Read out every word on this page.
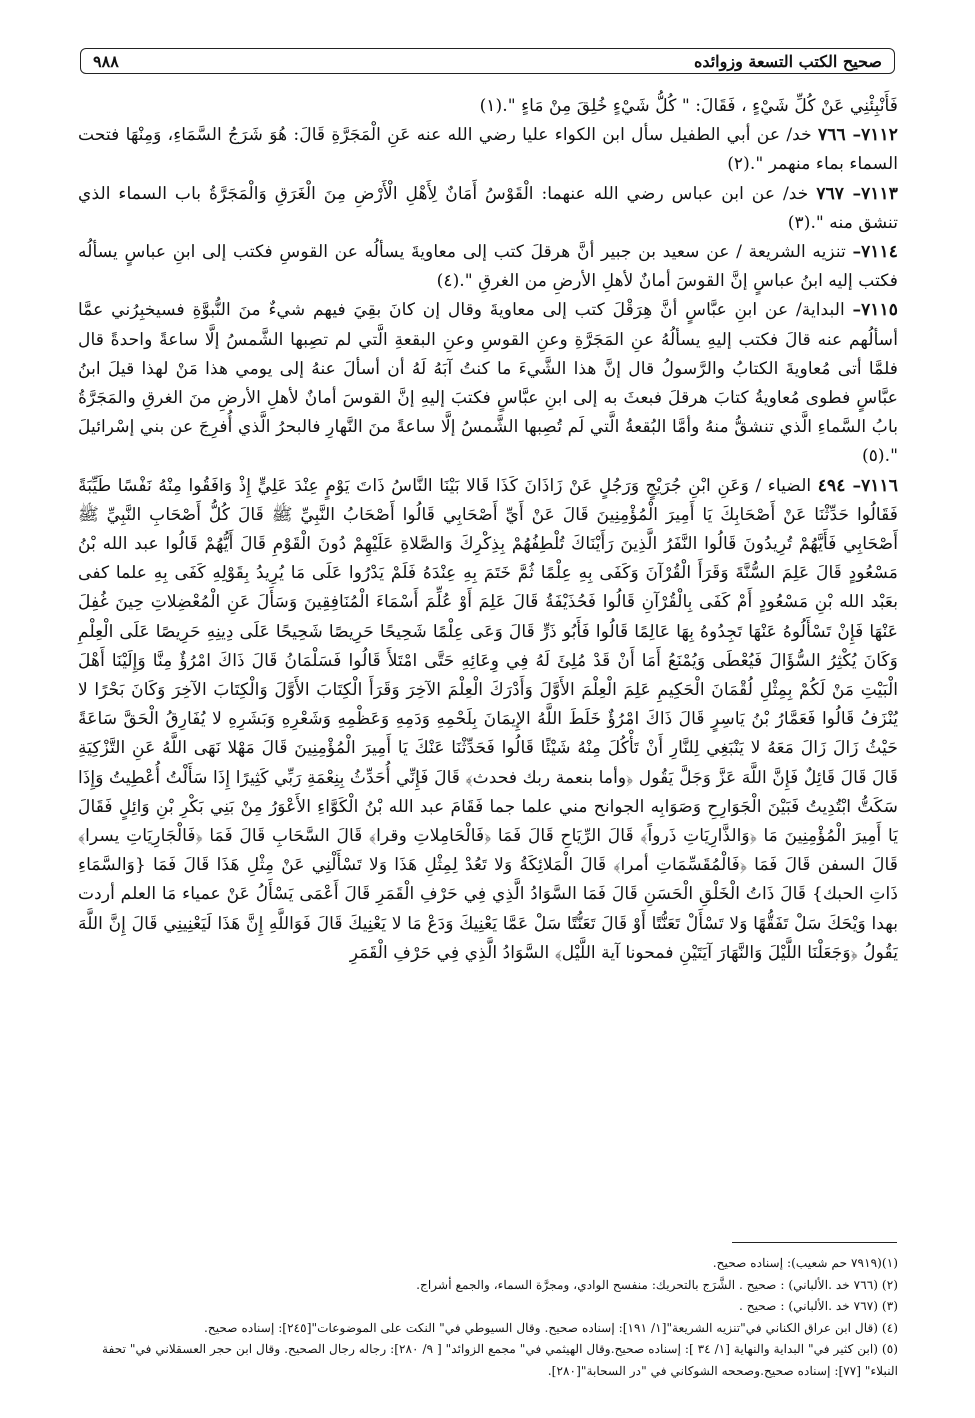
صحيح الكتب التسعة وزوائده
٩٨٨

فَأَنْبِئْنِي عَنْ كُلِّ شَيْءٍ ، فَقَالَ: " كُلُّ شَيْءٍ خُلِقَ مِنْ مَاءٍ ".(١)

٧١١٢– ٧٦٦ خد/ عن أبي الطفيل سأل ابن الكواء عليا رضي الله عنه عَنِ الْمَجَرَّةِ قَالَ: هُوَ شَرَجُ السَّمَاءِ، وَمِنْهَا فتحت السماء بماء منهمر ".(٢)

٧١١٣– ٧٦٧ خد/ عن ابن عباس رضي الله عنهما: الْقَوْسُ أَمَانٌ لِأَهْلِ الْأَرْضِ مِنَ الْغَرَقِ وَالْمَجَرَّةُ باب السماء الذي تنشق منه ".(٣)

٧١١٤– تنزيه الشريعة / عن سعيد بن جبير أنَّ هرقلَ كتب إلى معاويةَ يسألُه عن القوسِ فكتب إلى ابنِ عباسٍ يسألُه فكتب إليه ابنُ عباسٍ إنَّ القوسَ أمانٌ لأهلِ الأرضِ من الغرقِ ".(٤)

٧١١٥– البداية/ عن ابنِ عبَّاسٍ أنَّ هِرَقْلَ كتب إلى معاويةَ وقال إن كانَ بقِيَ فيهم شيءٌ منَ النُّبوَّةِ فسيخبِرُني عمَّا أسألُهم عنه قالَ فكتب إليهِ يسألُهُ عنِ المَجَرَّةِ وعنِ القوسِ وعنِ البقعةِ الَّتي لم تصِبها الشَّمسُ إلَّا ساعةً واحدةً قال فلمَّا أتى مُعاويةَ الكتابُ والرَّسولُ قال إنَّ هذا الشَّيءَ ما كنتُ آبَهُ لَهُ أن أسألَ عنهُ إلى يومي هذا مَنْ لهذا قيلَ ابنُ عبَّاسٍ فطوى مُعاويةُ كتابَ هرقلَ فبعثَ به إلى ابنِ عبَّاسٍ فكتبَ إليهِ إنَّ القوسَ أمانٌ لأهلِ الأرضِ منَ الغرقِ والمَجَرَّةُ بابُ السَّماءِ الَّذي تنشقُّ منهُ وأمَّا البُقعةُ الَّتي لَم تُصِبها الشَّمسُ إلَّا ساعةً منَ النَّهارِ فالبحرُ الَّذي أُفرِجَ عن بني إسْرائيلَ ".(٥)

٧١١٦– ٤٩٤ الضياء / وَعَنِ ابْنِ جُرَيْجٍ وَرَجُلٍ عَنْ زَاذَانَ كَذَا قَالا بَيْنَا النَّاسُ ذَاتَ يَوْمٍ عِنْدَ عَلِيٍّ إِذْ وَافَقُوا مِنْهُ نَفْسًا طَيِّبَةً فَقَالُوا حَدِّثْنَا عَنْ أَصْحَابِكَ يَا أَمِيرَ الْمُؤْمِنِينَ قَالَ عَنْ أَيِّ أَصْحَابِي قَالُوا أَصْحَابُ النَّبِيِّ ﷺ قَالَ كُلُّ أَصْحَابِ النَّبِيِّ ﷺ أَصْحَابِي فَأَيَّهُمْ تُرِيدُونَ قَالُوا النَّفَرُ الَّذِينَ رَأَيْنَاكَ تُلْطِفُهُمْ بِذِكْرِكَ وَالصَّلاةِ عَلَيْهِمْ دُونَ الْقَوْمِ قَالَ أَيُّهُمْ قَالُوا عبد الله بْنُ مَسْعُودٍ قَالَ عَلِمَ السُّنَّةَ وَقَرَأَ الْقُرْآنَ وَكَفَى بِهِ عِلْمًا ثُمَّ خَتَمَ بِهِ عِنْدَهُ فَلَمْ يَدْرُوا عَلَى مَا يُرِيدُ بِقَوْلِهِ كَفَى بِهِ علما كفى بعَبْد الله بْنِ مَسْعُودٍ أَمْ كَفَى بِالْقُرْآنِ قَالُوا فَحُذَيْفَةُ قَالَ عَلِمَ أَوْ عُلِّمَ أَسْمَاءَ الْمُنَافِقِينَ وَسَأَلَ عَنِ الْمُعْضِلاتِ حِينَ غُفِلَ عَنْهَا فَإِنْ تَسْأَلُوهُ عَنْهَا تَجِدُوهُ بِهَا عَالِمًا قَالُوا فَأَبُو ذَرٍّ قَالَ وَعَى عِلْمًا شَحِيحًا حَرِيصًا شَحِيحًا عَلَى دِينِهِ حَرِيصًا عَلَى الْعِلْمِ وَكَانَ يُكْثِرُ السُّؤَالَ فَيُعْطَى وَيُمْنَعُ أَمَا أَنْ قَدْ مُلِئَ لَهُ فِي وِعَائِهِ حَتَّى امْتَلأَ قَالُوا فَسَلْمَانُ قَالَ ذَاكَ امْرُؤٌ مِنَّا وَإِلَيْنَا أَهْلَ الْبَيْتِ مَنْ لَكُمْ بِمِثْلِ لُقْمَانَ الْحَكِيمِ عَلِمَ الْعِلْمَ الأَوَّلَ وَأَدْرَكَ الْعِلْمَ الآخِرَ وَقَرَأَ الْكِتَابَ الأَوَّلَ وَالْكِتَابَ الآخِرَ وَكَانَ بَحْرًا لا يُنْزَفُ قَالُوا فَعَمَّارُ بْنُ يَاسِرٍ قَالَ ذَاكَ امْرُؤٌ خَلَطَ اللَّهُ الإِيمَانَ بِلَحْمِهِ وَدَمِهِ وَعَظْمِهِ وَشَعْرِهِ وَبَشَرِهِ لا يُفَارِقُ الْحَقَّ سَاعَةً حَيْثُ زَالَ زَالَ مَعَهُ لا يَنْبَغِي لِلنَّارِ أَنْ تَأْكُلَ مِنْهُ شَيْئًا قَالُوا فَحَدِّثْنَا عَنْكَ يَا أَمِيرَ الْمُؤْمِنِينَ قَالَ مَهْلا نَهَى اللَّهُ عَنِ التَّزْكِيَةِ قَالَ قَالَ قَائِلٌ فَإِنَّ اللَّهَ عَزَّ وَجَلَّ يَقُول ﴿وأما بنعمة ربك فحدث﴾ قَالَ فَإِنِّي أُحَدِّثُ بِنِعْمَةِ رَبِّي كَثِيرًا إِذَا سَأَلْتُ أُعْطِيتُ وَإِذَا سَكَتُّ ابْتُدِيتُ فَبَيْنَ الْجَوَارِحِ وَصَوَابِه الجوانح مني علما جما فَقَامَ عبد الله بْنُ الْكَوَّاءِ الأَعْوَرُ مِنْ بَنِي بَكْرِ بْنِ وَائِلٍ فَقَالَ يَا أَمِيرَ الْمُؤْمِنِينَ مَا ﴿وَالذَّارِيَاتِ ذَرواً﴾ قَالَ الرِّيَاحِ قَالَ فَمَا ﴿فَالْحَامِلاتِ وقرا﴾ قَالَ السَّحَابِ قَالَ فَمَا ﴿فَالْجَارِيَاتِ يسرا﴾ قَالَ السفن قَالَ فَمَا ﴿فَالْمُقَسِّمَاتِ أمرا﴾ قَالَ الْمَلائِكَةُ وَلا تَعُدْ لِمِثْلِ هَذَا وَلا تَسْأَلْنِي عَنْ مِثْلِ هَذَا قَالَ فَمَا {وَالسَّمَاءِ ذَاتِ الحبك} قَالَ ذَاتُ الْخَلْقِ الْحَسَنِ قَالَ فَمَا السَّوَادُ الَّذِي فِي حَرْفِ الْقَمَرِ قَالَ أَعْمَى يَسْأَلُ عَنْ عمياء مَا العلم أردت بهدا وَيْحَكَ سَلْ تَفَقُّهًا وَلا تَسْأَلْ تَعَنُّتًا أَوْ قَالَ تَعَنُّتًا سَلْ عَمَّا يَعْنِيكَ وَدَعْ مَا لا يَعْنِيكَ قَالَ فَوَاللَّهِ إِنَّ هَذَا لَيَعْنِينِي قَالَ إِنَّ اللَّهَ يَقُولُ ﴿وَجَعَلْنَا اللَّيْلَ وَالنَّهَارَ آيَتَيْنِ فمحونا آية اللَّيْل﴾ السَّوَادُ الَّذِي فِي حَرْفِ الْقَمَرِ

(١)(٧٩١٩ حم شعيب): إسناده صحيح.

(٢) (٧٦٦ خد .الألباني) : صحيح . الشَّرَج بالتحريك: منفسح الوادي، ومجرَّة السماء، والجمع أشراج.

(٣) (٧٦٧ خد .الألباني) : صحيح .

(٤) (قال ابن عراق الكناني في"تنزيه الشريعة"[١/ ١٩١]: إسناده صحيح. وقال السيوطي في" النكت على الموضوعات"[٢٤٥]: إسناده صحيح.

(٥) (ابن كثير في" البداية والنهاية [١/ ٣٤ ]: إسناده صحيح.وقال الهيثمي في" مجمع الزوائد" [ ٩/ ٢٨٠]: رجاله رجال الصحيح. وقال ابن حجر العسقلاني في" تحفة النبلاء" [٧٧]: إسناده صحيح.وصححه الشوكاني في "در السحابة"[٢٨٠].
